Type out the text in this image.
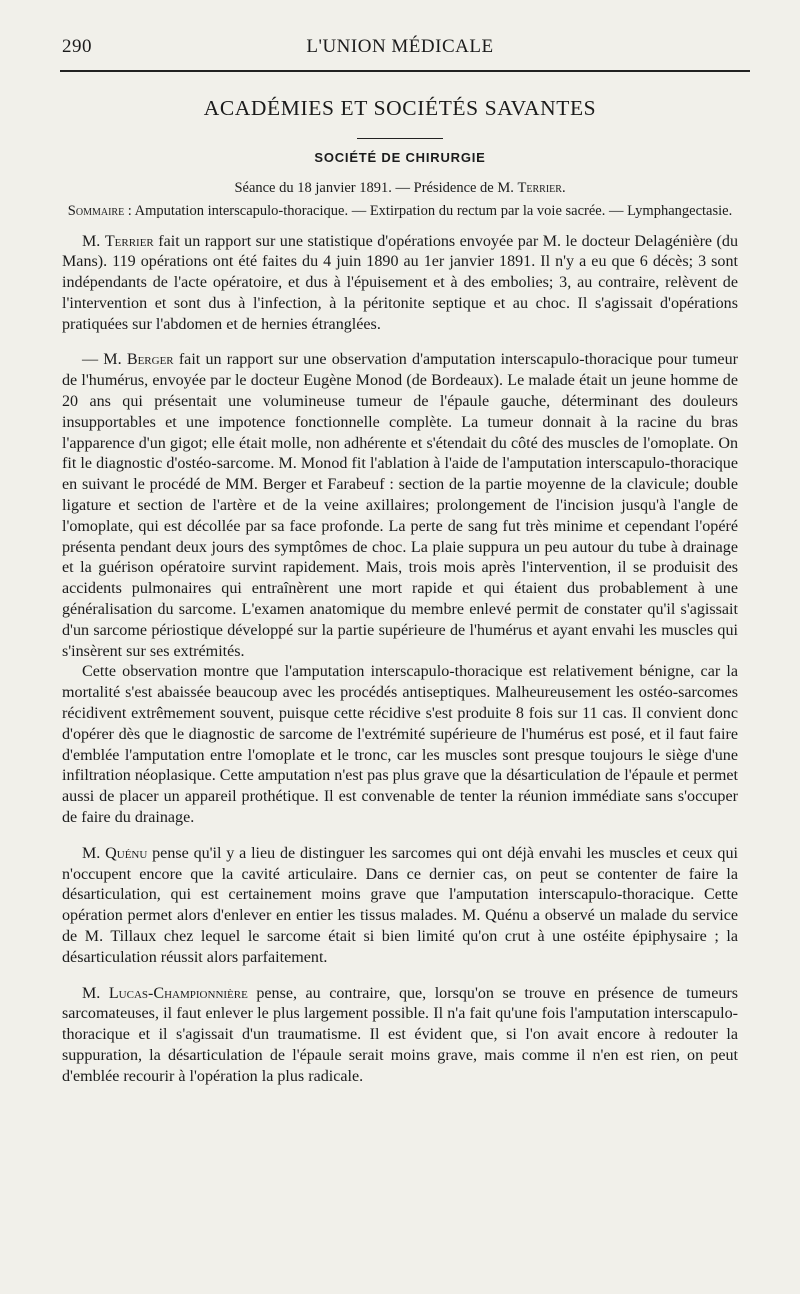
290	L'UNION MÉDICALE
ACADÉMIES ET SOCIÉTÉS SAVANTES
SOCIÉTÉ DE CHIRURGIE
Séance du 18 janvier 1891. — Présidence de M. Terrier.
Sommaire : Amputation interscapulo-thoracique. — Extirpation du rectum par la voie sacrée. — Lymphangectasie.

M. Terrier fait un rapport sur une statistique d'opérations envoyée par M. le docteur Delagénière (du Mans). 119 opérations ont été faites du 4 juin 1890 au 1er janvier 1891. Il n'y a eu que 6 décès; 3 sont indépendants de l'acte opératoire, et dus à l'épuisement et à des embolies; 3, au contraire, relèvent de l'intervention et sont dus à l'infection, à la péritonite septique et au choc. Il s'agissait d'opérations pratiquées sur l'abdomen et de hernies étranglées.

— M. Berger fait un rapport sur une observation d'amputation interscapulo-thoracique pour tumeur de l'humérus, envoyée par le docteur Eugène Monod (de Bordeaux). Le malade était un jeune homme de 20 ans qui présentait une volumineuse tumeur de l'épaule gauche, déterminant des douleurs insupportables et une impotence fonctionnelle complète. La tumeur donnait à la racine du bras l'apparence d'un gigot; elle était molle, non adhérente et s'étendait du côté des muscles de l'omoplate. On fit le diagnostic d'ostéo-sarcome. M. Monod fit l'ablation à l'aide de l'amputation interscapulo-thoracique en suivant le procédé de MM. Berger et Farabeuf : section de la partie moyenne de la clavicule; double ligature et section de l'artère et de la veine axillaires; prolongement de l'incision jusqu'à l'angle de l'omoplate, qui est décollée par sa face profonde. La perte de sang fut très minime et cependant l'opéré présenta pendant deux jours des symptômes de choc. La plaie suppura un peu autour du tube à drainage et la guérison opératoire survint rapidement. Mais, trois mois après l'intervention, il se produisit des accidents pulmonaires qui entraînèrent une mort rapide et qui étaient dus probablement à une généralisation du sarcome. L'examen anatomique du membre enlevé permit de constater qu'il s'agissait d'un sarcome périostique développé sur la partie supérieure de l'humérus et ayant envahi les muscles qui s'insèrent sur ses extrémités.

Cette observation montre que l'amputation interscapulo-thoracique est relativement bénigne, car la mortalité s'est abaissée beaucoup avec les procédés antiseptiques. Malheureusement les ostéo-sarcomes récidivent extrêmement souvent, puisque cette récidive s'est produite 8 fois sur 11 cas. Il convient donc d'opérer dès que le diagnostic de sarcome de l'extrémité supérieure de l'humérus est posé, et il faut faire d'emblée l'amputation entre l'omoplate et le tronc, car les muscles sont presque toujours le siège d'une infiltration néoplasique. Cette amputation n'est pas plus grave que la désarticulation de l'épaule et permet aussi de placer un appareil prothétique. Il est convenable de tenter la réunion immédiate sans s'occuper de faire du drainage.

M. Quénu pense qu'il y a lieu de distinguer les sarcomes qui ont déjà envahi les muscles et ceux qui n'occupent encore que la cavité articulaire. Dans ce dernier cas, on peut se contenter de faire la désarticulation, qui est certainement moins grave que l'amputation interscapulo-thoracique. Cette opération permet alors d'enlever en entier les tissus malades. M. Quénu a observé un malade du service de M. Tillaux chez lequel le sarcome était si bien limité qu'on crut à une ostéite épiphysaire ; la désarticulation réussit alors parfaitement.

M. Lucas-Championnière pense, au contraire, que, lorsqu'on se trouve en présence de tumeurs sarcomateuses, il faut enlever le plus largement possible. Il n'a fait qu'une fois l'amputation interscapulo-thoracique et il s'agissait d'un traumatisme. Il est évident que, si l'on avait encore à redouter la suppuration, la désarticulation de l'épaule serait moins grave, mais comme il n'en est rien, on peut d'emblée recourir à l'opération la plus radicale.
